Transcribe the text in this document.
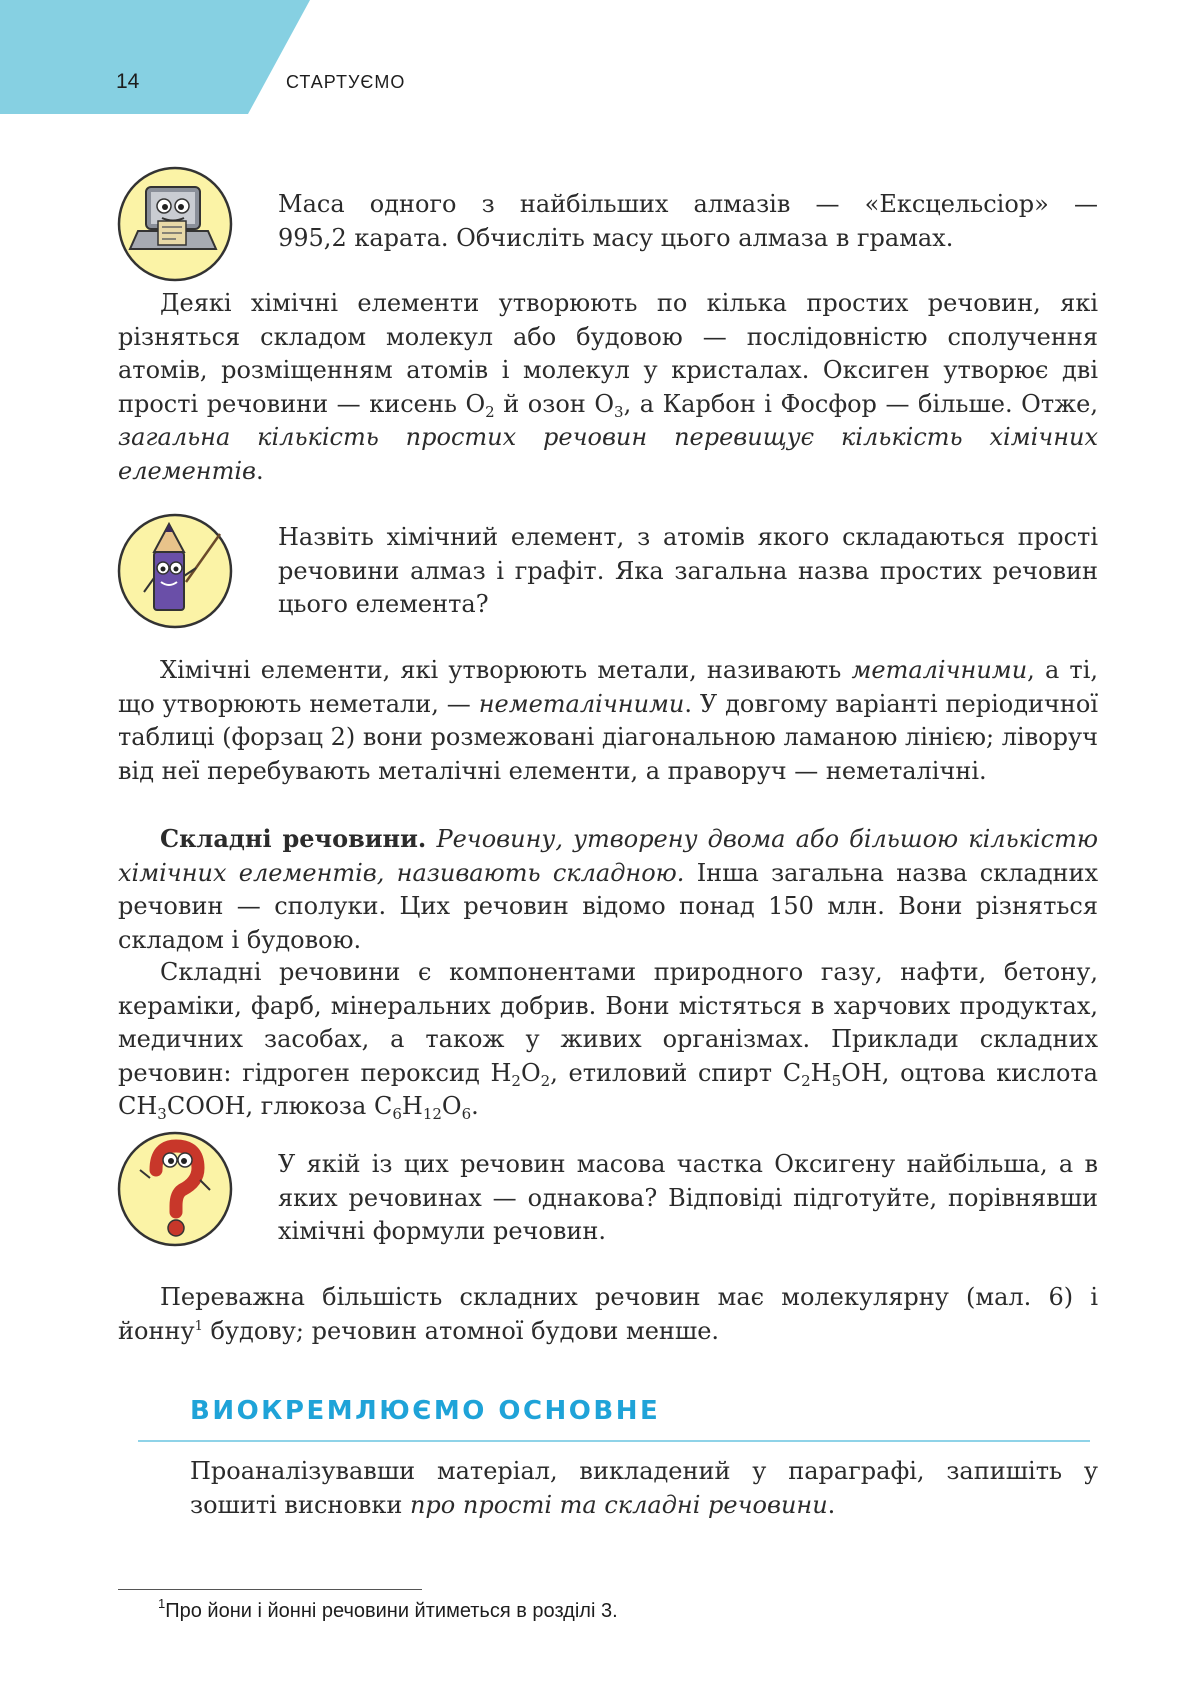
14	СТАРТУЄМО

Маса одного з найбільших алмазів — «Ексцельсіор» —

995,2 карата. Обчисліть масу цього алмаза в грамах.

Деякі хімічні елементи утворюють по кілька простих речовин, які різняться складом молекул або будовою — послідовністю сполучення атомів, розміщенням атомів і молекул у кристалах. Оксиген утворює дві прості речовини — кисень $O_2$ й озон $O_3$, а Карбон і Фосфор — більше. Отже, загальна кількість простих речовин перевищує кількість хімічних елементів.

Назвіть хімічний елемент, з атомів якого складаються прості речовини алмаз і графіт. Яка загальна назва простих речовин цього елемента?

Хімічні елементи, які утворюють метали, називають металічними, а ті, що утворюють неметали, — неметалічними. У довгому варіанті періодичної таблиці (форзац 2) вони розмежовані діагональною ламаною лінією; ліворуч від неї перебувають металічні елементи, а праворуч — неметалічні.

Складні речовини. Речовину, утворену двома або більшою кількістю хімічних елементів, називають складною. Інша загальна назва складних речовин — сполуки. Цих речовин відомо понад 150 млн. Вони різняться складом і будовою.

Складні речовини є компонентами природного газу, нафти, бетону, кераміки, фарб, мінеральних добрив. Вони містяться в харчових продуктах, медичних засобах, а також у живих організмах. Приклади складних речовин: гідроген пероксид $H_2O_2$, етиловий спирт $C_2H_5OH$, оцтова кислота $CH_3COOH$, глюкоза $C_6H_{12}O_6$.

У якій із цих речовин масова частка Оксигену найбільша, а в яких речовинах — однакова? Відповіді підготуйте, порівнявши хімічні формули речовин.

Переважна більшість складних речовин має молекулярну (мал. 6) і йонну$^1$ будову; речовин атомної будови менше.

ВИОКРЕМЛЮЄМО ОСНОВНЕ

Проаналізувавши матеріал, викладений у параграфі, запишіть у зошиті висновки про прості та складні речовини.

$^1$Про йони і йонні речовини йтиметься в розділі 3.
